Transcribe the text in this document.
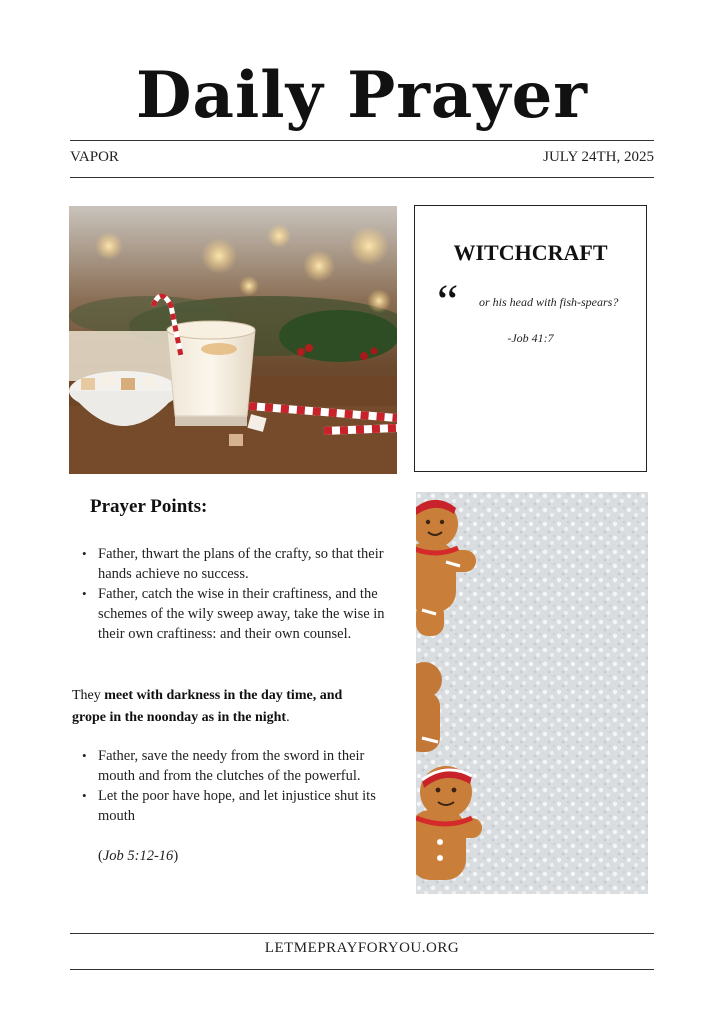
Daily Prayer
VAPOR	JULY 24TH, 2025
WITCHCRAFT
“ or his head with fish-spears?
-Job 41:7
Prayer Points:
• Father, thwart the plans of the crafty, so that their hands achieve no success.
• Father, catch the wise in their craftiness, and the schemes of the wily sweep away, take the wise in their own craftiness: and their own counsel.
They meet with darkness in the day time, and grope in the noonday as in the night.
• Father, save the needy from the sword in their mouth and from the clutches of the powerful.
• Let the poor have hope, and let injustice shut its mouth
(Job 5:12-16)
LETMEPRAYFORYOU.ORG
